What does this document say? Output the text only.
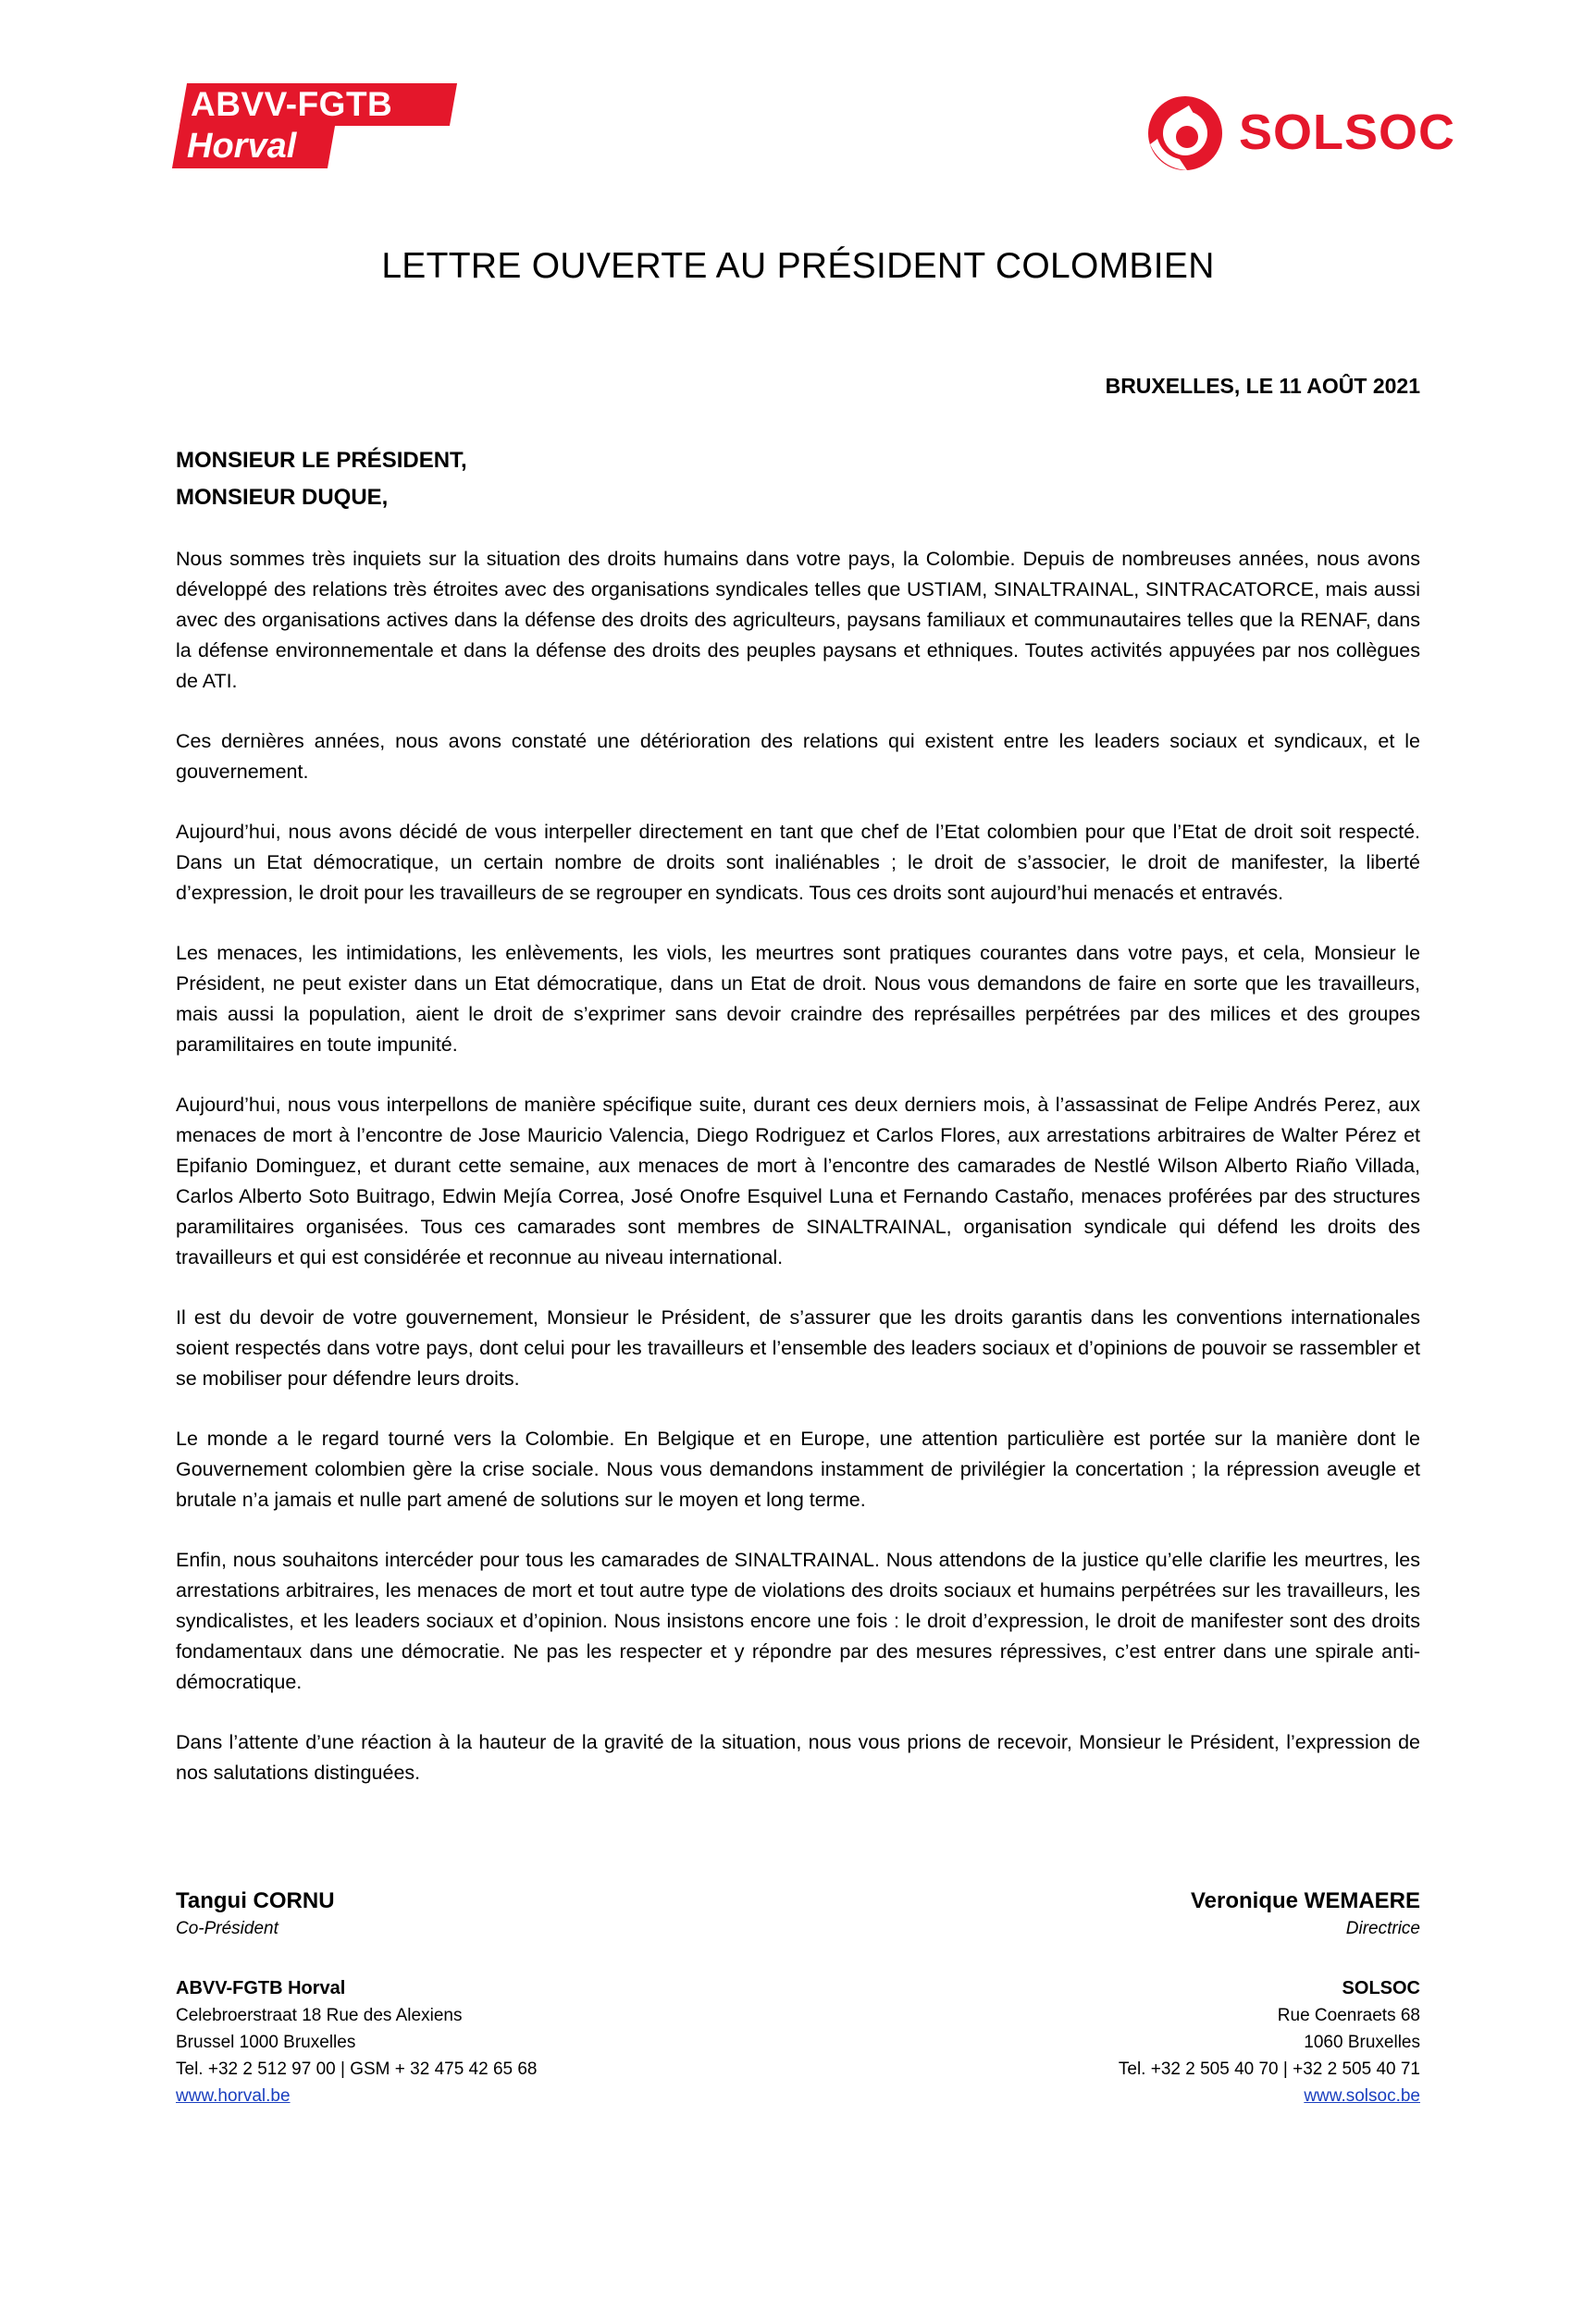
ABVV-FGTB
Horval	SOLSOC
LETTRE OUVERTE AU PRÉSIDENT COLOMBIEN
BRUXELLES, LE 11 AOÛT 2021
MONSIEUR LE PRÉSIDENT,
MONSIEUR DUQUE,

Nous sommes très inquiets sur la situation des droits humains dans votre pays, la Colombie. Depuis de nombreuses années, nous avons développé des relations très étroites avec des organisations syndicales telles que USTIAM, SINALTRAINAL, SINTRACATORCE, mais aussi avec des organisations actives dans la défense des droits des agriculteurs, paysans familiaux et communautaires telles que la RENAF, dans la défense environnementale et dans la défense des droits des peuples paysans et ethniques. Toutes activités appuyées par nos collègues de ATI.

Ces dernières années, nous avons constaté une détérioration des relations qui existent entre les leaders sociaux et syndicaux, et le gouvernement.

Aujourd’hui, nous avons décidé de vous interpeller directement en tant que chef de l’Etat colombien pour que l’Etat de droit soit respecté. Dans un Etat démocratique, un certain nombre de droits sont inaliénables ; le droit de s’associer, le droit de manifester, la liberté d’expression, le droit pour les travailleurs de se regrouper en syndicats. Tous ces droits sont aujourd’hui menacés et entravés.

Les menaces, les intimidations, les enlèvements, les viols, les meurtres sont pratiques courantes dans votre pays, et cela, Monsieur le Président, ne peut exister dans un Etat démocratique, dans un Etat de droit. Nous vous demandons de faire en sorte que les travailleurs, mais aussi la population, aient le droit de s’exprimer sans devoir craindre des représailles perpétrées par des milices et des groupes paramilitaires en toute impunité.

Aujourd’hui, nous vous interpellons de manière spécifique suite, durant ces deux derniers mois, à l’assassinat de Felipe Andrés Perez, aux menaces de mort à l’encontre de Jose Mauricio Valencia, Diego Rodriguez et Carlos Flores, aux arrestations arbitraires de Walter Pérez et Epifanio Dominguez, et durant cette semaine, aux menaces de mort à l’encontre des camarades de Nestlé Wilson Alberto Riaño Villada, Carlos Alberto Soto Buitrago, Edwin Mejía Correa, José Onofre Esquivel Luna et Fernando Castaño, menaces proférées par des structures paramilitaires organisées. Tous ces camarades sont membres de SINALTRAINAL, organisation syndicale qui défend les droits des travailleurs et qui est considérée et reconnue au niveau international.

Il est du devoir de votre gouvernement, Monsieur le Président, de s’assurer que les droits garantis dans les conventions internationales soient respectés dans votre pays, dont celui pour les travailleurs et l’ensemble des leaders sociaux et d’opinions de pouvoir se rassembler et se mobiliser pour défendre leurs droits.

Le monde a le regard tourné vers la Colombie. En Belgique et en Europe, une attention particulière est portée sur la manière dont le Gouvernement colombien gère la crise sociale. Nous vous demandons instamment de privilégier la concertation ; la répression aveugle et brutale n’a jamais et nulle part amené de solutions sur le moyen et long terme.

Enfin, nous souhaitons intercéder pour tous les camarades de SINALTRAINAL. Nous attendons de la justice qu’elle clarifie les meurtres, les arrestations arbitraires, les menaces de mort et tout autre type de violations des droits sociaux et humains perpétrées sur les travailleurs, les syndicalistes, et les leaders sociaux et d’opinion. Nous insistons encore une fois : le droit d’expression, le droit de manifester sont des droits fondamentaux dans une démocratie. Ne pas les respecter et y répondre par des mesures répressives, c’est entrer dans une spirale anti-démocratique.

Dans l’attente d’une réaction à la hauteur de la gravité de la situation, nous vous prions de recevoir, Monsieur le Président, l’expression de nos salutations distinguées.

Tangui CORNU
Co-Président
ABVV-FGTB Horval
Celebroerstraat 18 Rue des Alexiens
Brussel 1000 Bruxelles
Tel. +32 2 512 97 00 | GSM + 32 475 42 65 68
www.horval.be
Veronique WEMAERE
Directrice
SOLSOC
Rue Coenraets 68
1060 Bruxelles
Tel. +32 2 505 40 70 | +32 2 505 40 71
www.solsoc.be
